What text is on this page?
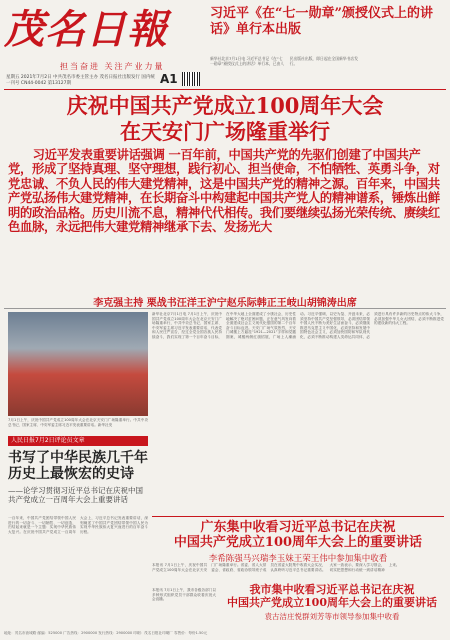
茂名日報
担当奋进 关注产业力量
星期五 2021年7月2日 中共茂名市委主管主办 茂名日报社出版发行 国内统一刊号 CN44-0042 第13127期	A1
习近平《在“七一勋章”颁授仪式上的讲话》单行本出版
新华社北京7月1日电 习近平总书记《在“七一勋章”颁授仪式上的讲话》单行本，已由人民出版社出版，即日起在全国新华书店发行。
庆祝中国共产党成立100周年大会
在天安门广场隆重举行
习近平发表重要讲话强调 一百年前，中国共产党的先驱们创建了中国共产党，形成了坚持真理、坚守理想，践行初心、担当使命，不怕牺牲、英勇斗争，对党忠诚、不负人民的伟大建党精神，这是中国共产党的精神之源。百年来，中国共产党弘扬伟大建党精神，在长期奋斗中构建起中国共产党人的精神谱系，锤炼出鲜明的政治品格。历史川流不息，精神代代相传。我们要继续弘扬光荣传统、赓续红色血脉，永远把伟大建党精神继承下去、发扬光大
李克强主持 栗战书汪洋王沪宁赵乐际韩正王岐山胡锦涛出席
7月1日上午，庆祝中国共产党成立100周年大会在北京天安门广场隆重举行。中共中央总书记、国家主席、中央军委主席习近平发表重要讲话。新华社发
新华社北京7月1日电 7月1日上午，庆祝中国共产党成立100周年大会在北京天安门广场隆重举行，中共中央总书记、国家主席、中央军委主席习近平发表重要讲话，代表党和人民庄严宣告，经过全党全国各族人民持续奋斗，我们实现了第一个百年奋斗目标，在中华大地上全面建成了小康社会，历史性地解决了绝对贫困问题，正在意气风发向着全面建成社会主义现代化强国的第二个百年奋斗目标迈进。天安门广场气氛热烈，天安门城楼上方悬挂“1921—2021”字样和党徽图案，城楼两侧红旗招展，广场上人潮涌动。习近平强调，以史为鉴、开创未来，必须坚持中国共产党坚强领导，必须团结带领中国人民不断为美好生活而奋斗，必须继续推进马克思主义中国化，必须坚持和发展中国特色社会主义，必须加快国防和军队现代化，必须不断推动构建人类命运共同体，必须进行具有许多新的历史特点的伟大斗争，必须加强中华儿女大团结，必须不断推进党的建设新的伟大工程。
人民日报7月2日评论员文章
书写了中华民族几千年历史上最恢宏的史诗
——论学习贯彻习近平总书记在庆祝中国共产党成立一百周年大会上重要讲话
一百年来，中国共产党团结带领中国人民进行的一切奋斗、一切牺牲、一切创造，归结起来就是一个主题：实现中华民族伟大复兴。在庆祝中国共产党成立一百周年大会上，习近平总书记发表重要讲话，深刻阐述了中国共产党团结带领中国人民为实现中华民族伟大复兴而进行的百年奋斗历程。	广东集中收看习近平总书记在庆祝
中国共产党成立100周年大会上的重要讲话
李希陈强马兴瑞李玉妹王荣王伟中参加集中收看
本报讯 7月1日上午，庆祝中国共产党成立100周年大会在北京天安门广场隆重举行。省委、省人大常委会、省政府、省政协领导班子成员在省委大院集中收看大会实况，认真聆听习近平总书记重要讲话。大家一致表示，要深入学习领会，切实把思想和行动统一到讲话精神上来。
我市集中收看习近平总书记在庆祝
中国共产党成立100周年大会上的重要讲话
袁古洁庄悦群刘芳等市领导参加集中收看
本报讯 7月1日上午，我市各级各部门以多种形式组织党员干部群众收看庆祝大会直播。
地址：茂名市油城路 邮编：525000 广告热线：2900000 发行热线：2900000 印刷：茂名日报社印刷厂 零售价：每份1.50元
